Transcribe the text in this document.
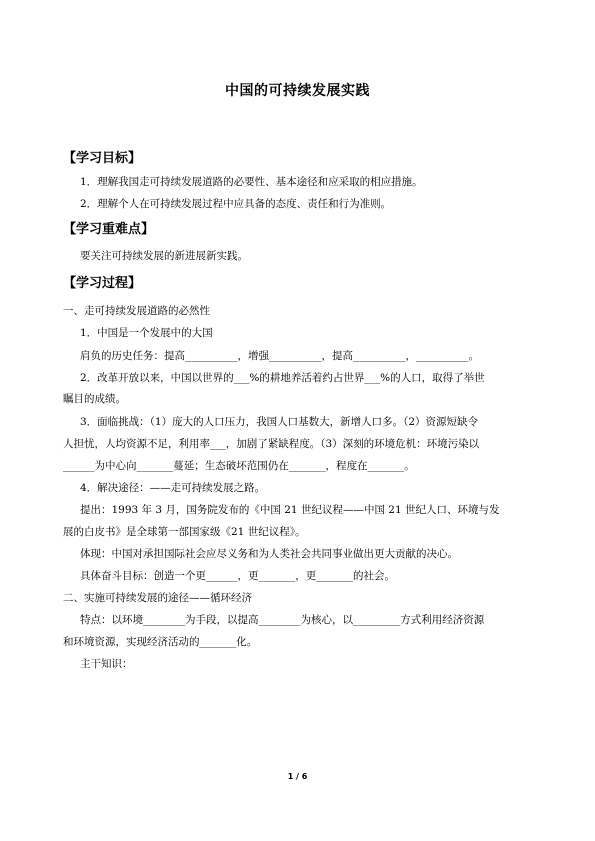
中国的可持续发展实践
【学习目标】
1．理解我国走可持续发展道路的必要性、基本途径和应采取的相应措施。
2．理解个人在可持续发展过程中应具备的态度、责任和行为准则。
【学习重难点】
要关注可持续发展的新进展新实践。
【学习过程】
一、走可持续发展道路的必然性
1．中国是一个发展中的大国
肩负的历史任务：提高__________，增强__________，提高__________，__________。
2．改革开放以来，中国以世界的___%的耕地养活着约占世界___%的人口，取得了举世
瞩目的成绩。
3．面临挑战：（1）庞大的人口压力，我国人口基数大，新增人口多。（2）资源短缺令
人担忧，人均资源不足，利用率___，加剧了紧缺程度。（3）深刻的环境危机：环境污染以
______为中心向_______蔓延；生态破坏范围仍在_______，程度在_______。
4．解决途径：——走可持续发展之路。
提出：1993 年 3 月，国务院发布的《中国 21 世纪议程——中国 21 世纪人口、环境与发
展的白皮书》是全球第一部国家级《21 世纪议程》。
体现：中国对承担国际社会应尽义务和为人类社会共同事业做出更大贡献的决心。
具体奋斗目标：创造一个更______，更_______，更_______的社会。
二、实施可持续发展的途径——循环经济
特点：以环境________为手段，以提高________为核心，以_________方式利用经济资源
和环境资源，实现经济活动的_______化。
主干知识：
1 / 6
